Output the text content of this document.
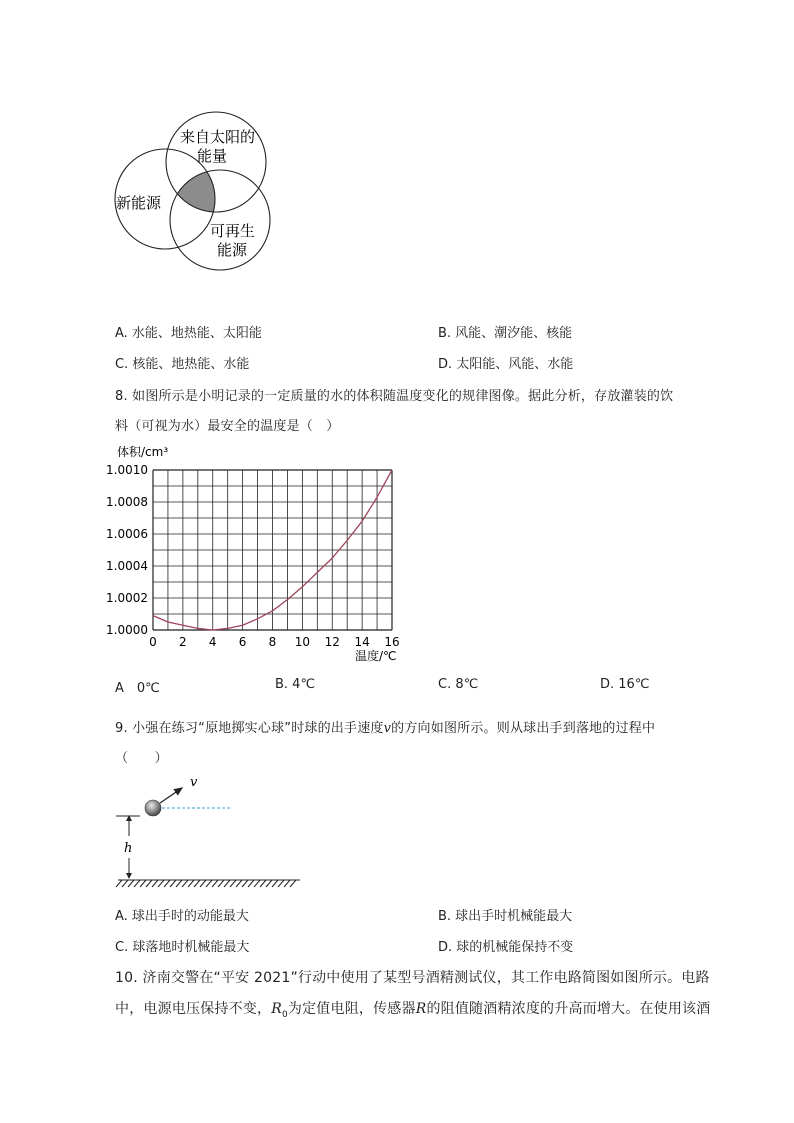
来自太阳的
能量
新能源
可再生
能源
A. 水能、地热能、太阳能	B. 风能、潮汐能、核能
C. 核能、地热能、水能	D. 太阳能、风能、水能
8. 如图所示是小明记录的一定质量的水的体积随温度变化的规律图像。据此分析，存放灌装的饮
料（可视为水）最安全的温度是（　）
体积/cm³
温度/℃
0 2 4 6 8 10 12 14 16
1.0000
1.0002
1.0004
1.0006
1.0008
1.0010
A　0℃	B. 4℃	C. 8℃	D. 16℃
9. 小强在练习“原地掷实心球”时球的出手速度v的方向如图所示。则从球出手到落地的过程中
（　　）
v
h
A. 球出手时的动能最大	B. 球出手时机械能最大
C. 球落地时机械能最大	D. 球的机械能保持不变
10. 济南交警在“平安 2021”行动中使用了某型号酒精测试仪，其工作电路简图如图所示。电路
中，电源电压保持不变，$R_0$为定值电阻，传感器R的阻值随酒精浓度的升高而增大。在使用该酒
